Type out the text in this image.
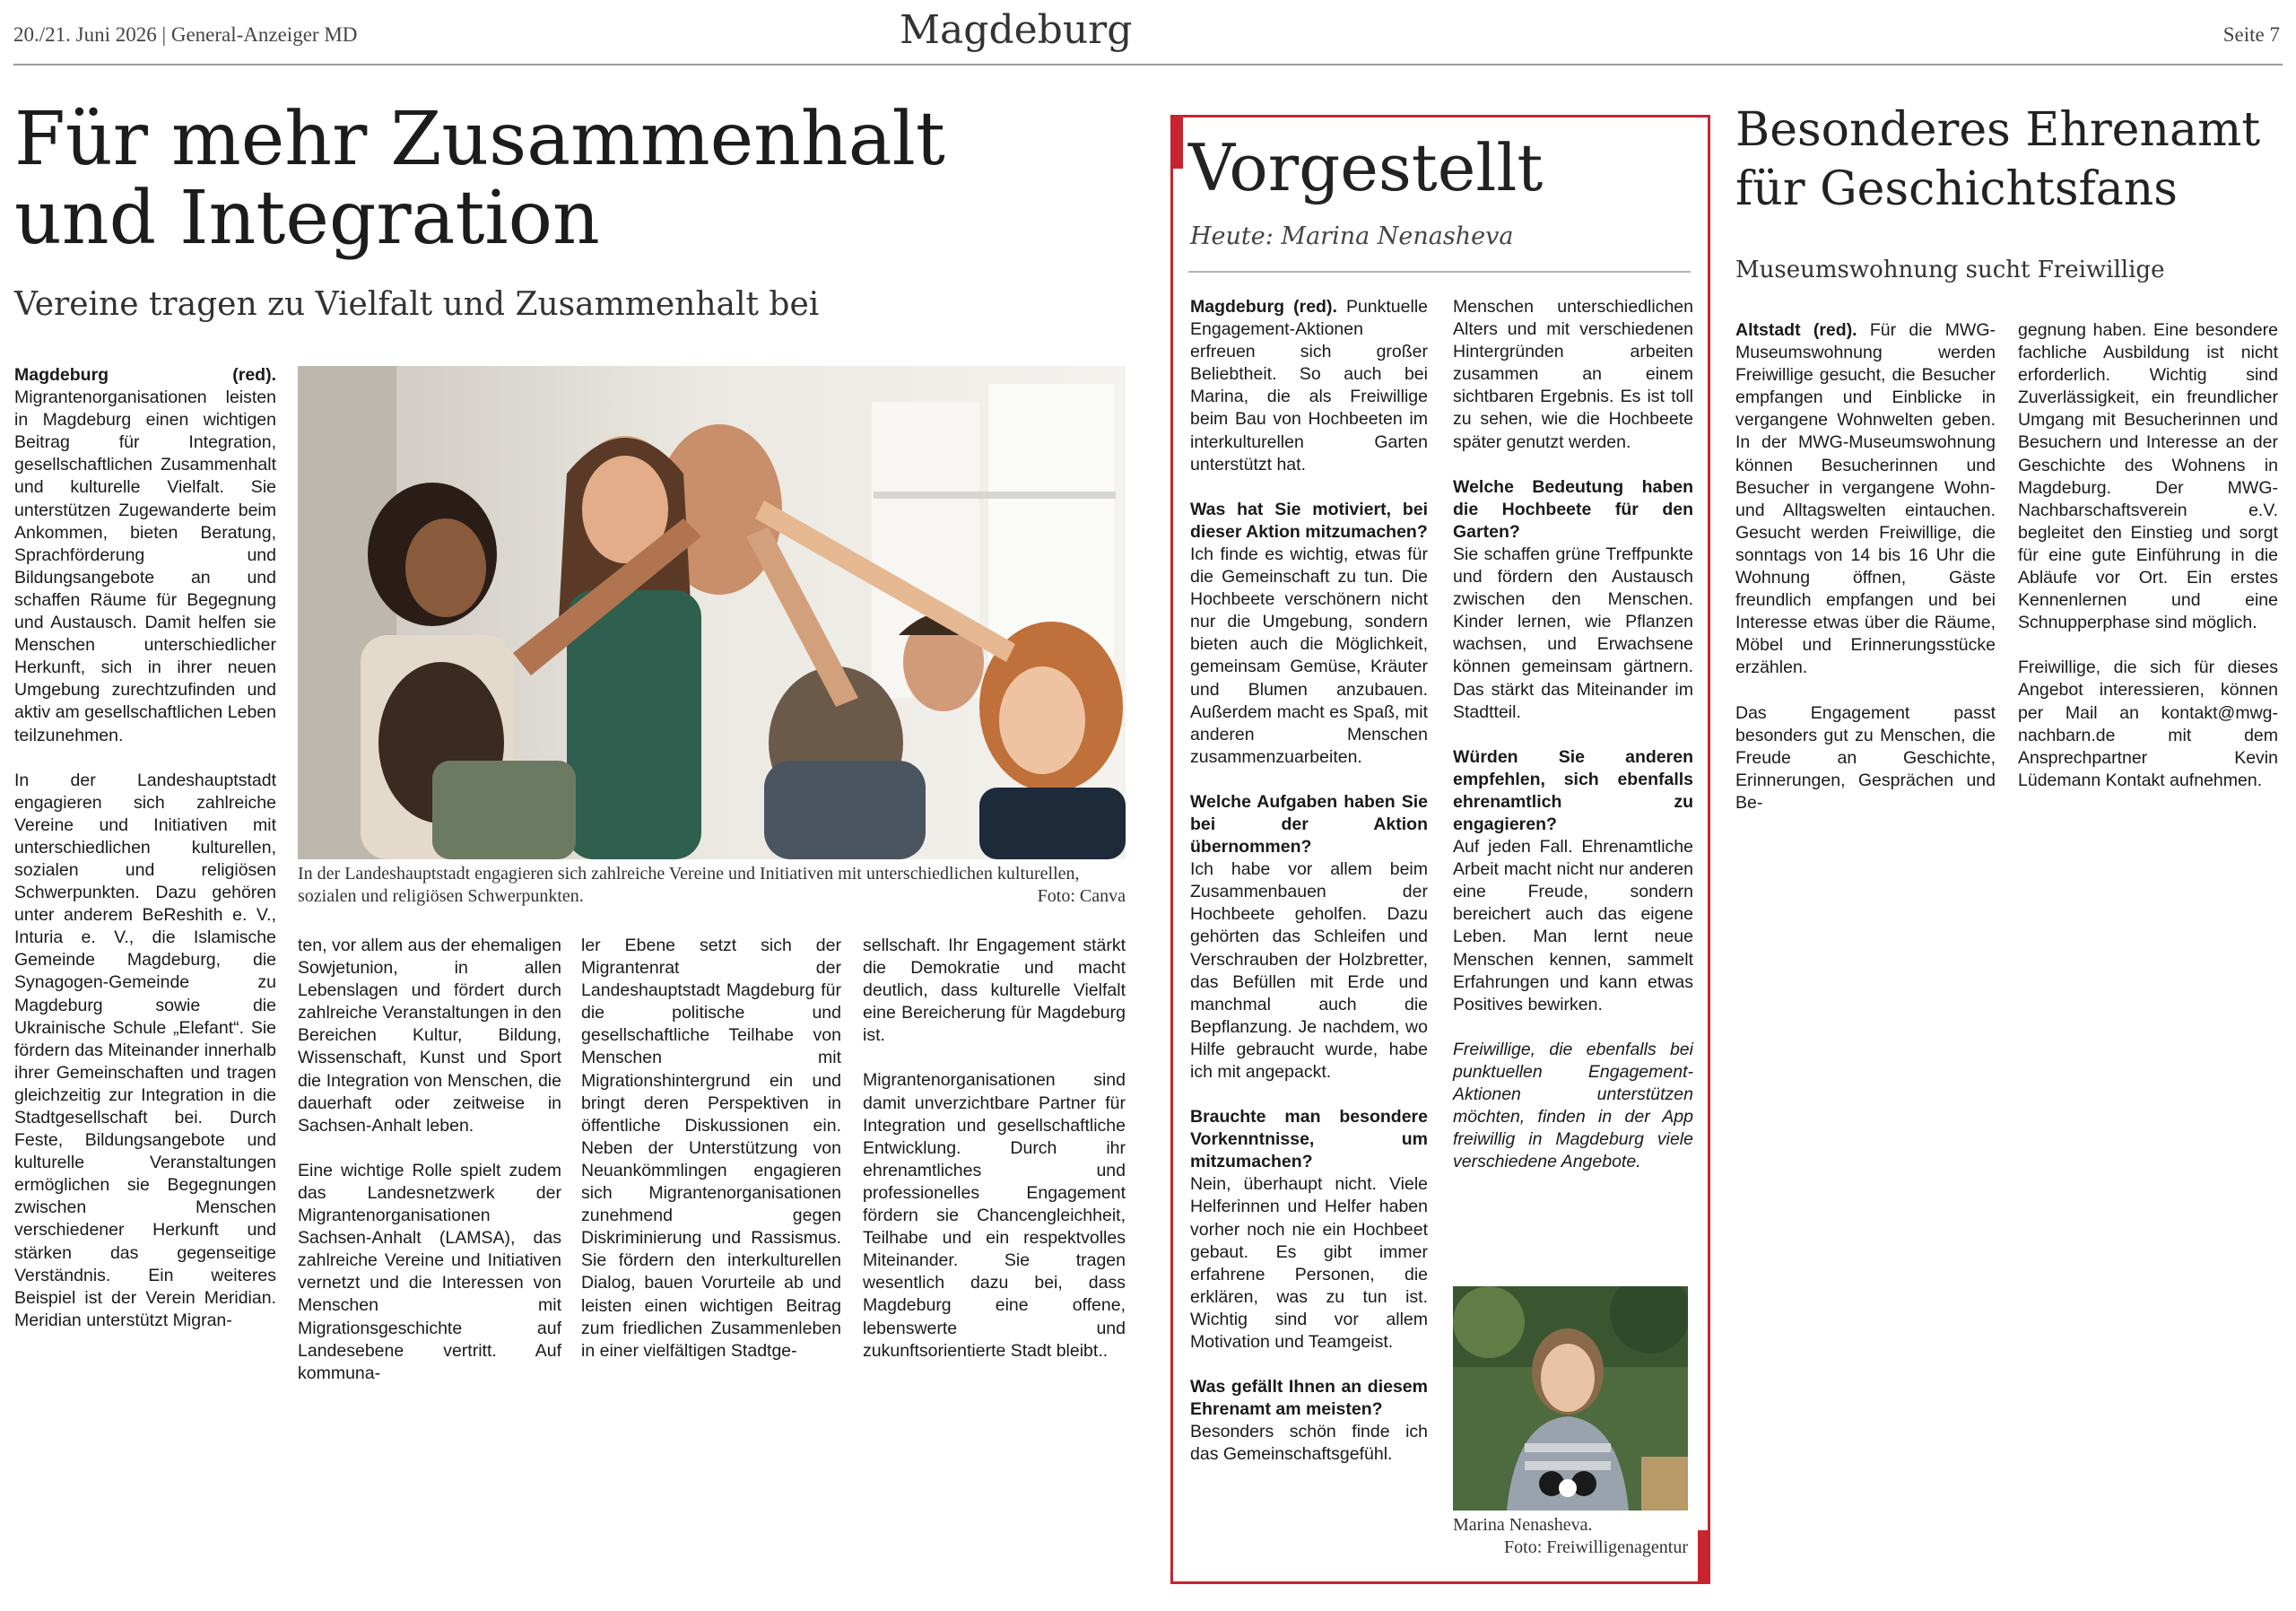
20./21. Juni 2026 | General-Anzeiger MD	Magdeburg	Seite 7
Für mehr Zusammenhalt
und Integration
Vereine tragen zu Vielfalt und Zusammenhalt bei

Magdeburg (red). Migrantenorganisationen leisten in Magdeburg einen wichtigen Beitrag für Integration, gesellschaftlichen Zusammenhalt und kulturelle Vielfalt. Sie unterstützen Zugewanderte beim Ankommen, bieten Beratung, Sprachförderung und Bildungsangebote an und schaffen Räume für Begegnung und Austausch. Damit helfen sie Menschen unterschiedlicher Herkunft, sich in ihrer neuen Umgebung zurechtzufinden und aktiv am gesellschaftlichen Leben teilzunehmen.

In der Landeshauptstadt engagieren sich zahlreiche Vereine und Initiativen mit unterschiedlichen kulturellen, sozialen und religiösen Schwerpunkten. Dazu gehören unter anderem BeReshith e. V., Inturia e. V., die Islamische Gemeinde Magdeburg, die Synagogen-Gemeinde zu Magdeburg sowie die Ukrainische Schule „Elefant“. Sie fördern das Miteinander innerhalb ihrer Gemeinschaften und tragen gleichzeitig zur Integration in die Stadtgesellschaft bei. Durch Feste, Bildungsangebote und kulturelle Veranstaltungen ermöglichen sie Begegnungen zwischen Menschen verschiedener Herkunft und stärken das gegenseitige Verständnis. Ein weiteres Beispiel ist der Verein Meridian. Meridian unterstützt Migran-

In der Landeshauptstadt engagieren sich zahlreiche Vereine und Initiativen mit unterschiedlichen kulturellen, sozialen und religiösen Schwerpunkten.	Foto: Canva

ten, vor allem aus der ehemaligen Sowjetunion, in allen Lebenslagen und fördert durch zahlreiche Veranstaltungen in den Bereichen Kultur, Bildung, Wissenschaft, Kunst und Sport die Integration von Menschen, die dauerhaft oder zeitweise in Sachsen-Anhalt leben.

Eine wichtige Rolle spielt zudem das Landesnetzwerk der Migrantenorganisationen Sachsen-Anhalt (LAMSA), das zahlreiche Vereine und Initiativen vernetzt und die Interessen von Menschen mit Migrationsgeschichte auf Landesebene vertritt. Auf kommuna-

ler Ebene setzt sich der Migrantenrat der Landeshauptstadt Magdeburg für die politische und gesellschaftliche Teilhabe von Menschen mit Migrationshintergrund ein und bringt deren Perspektiven in öffentliche Diskussionen ein. Neben der Unterstützung von Neuankömmlingen engagieren sich Migrantenorganisationen zunehmend gegen Diskriminierung und Rassismus. Sie fördern den interkulturellen Dialog, bauen Vorurteile ab und leisten einen wichtigen Beitrag zum friedlichen Zusammenleben in einer vielfältigen Stadtge-

sellschaft. Ihr Engagement stärkt die Demokratie und macht deutlich, dass kulturelle Vielfalt eine Bereicherung für Magdeburg ist.

Migrantenorganisationen sind damit unverzichtbare Partner für Integration und gesellschaftliche Entwicklung. Durch ihr ehrenamtliches und professionelles Engagement fördern sie Chancengleichheit, Teilhabe und ein respektvolles Miteinander. Sie tragen wesentlich dazu bei, dass Magdeburg eine offene, lebenswerte und zukunftsorientierte Stadt bleibt..

Vorgestellt
Heute: Marina Nenasheva

Magdeburg (red). Punktuelle Engagement-Aktionen erfreuen sich großer Beliebtheit. So auch bei Marina, die als Freiwillige beim Bau von Hochbeeten im interkulturellen Garten unterstützt hat.

Was hat Sie motiviert, bei dieser Aktion mitzumachen?
Ich finde es wichtig, etwas für die Gemeinschaft zu tun. Die Hochbeete verschönern nicht nur die Umgebung, sondern bieten auch die Möglichkeit, gemeinsam Gemüse, Kräuter und Blumen anzubauen. Außerdem macht es Spaß, mit anderen Menschen zusammenzuarbeiten.

Welche Aufgaben haben Sie bei der Aktion übernommen?
Ich habe vor allem beim Zusammenbauen der Hochbeete geholfen. Dazu gehörten das Schleifen und Verschrauben der Holzbretter, das Befüllen mit Erde und manchmal auch die Bepflanzung. Je nachdem, wo Hilfe gebraucht wurde, habe ich mit angepackt.

Brauchte man besondere Vorkenntnisse, um mitzumachen?
Nein, überhaupt nicht. Viele Helferinnen und Helfer haben vorher noch nie ein Hochbeet gebaut. Es gibt immer erfahrene Personen, die erklären, was zu tun ist. Wichtig sind vor allem Motivation und Teamgeist.

Was gefällt Ihnen an diesem Ehrenamt am meisten?
Besonders schön finde ich das Gemeinschaftsgefühl.

Menschen unterschiedlichen Alters und mit verschiedenen Hintergründen arbeiten zusammen an einem sichtbaren Ergebnis. Es ist toll zu sehen, wie die Hochbeete später genutzt werden.

Welche Bedeutung haben die Hochbeete für den Garten?
Sie schaffen grüne Treffpunkte und fördern den Austausch zwischen den Menschen. Kinder lernen, wie Pflanzen wachsen, und Erwachsene können gemeinsam gärtnern. Das stärkt das Miteinander im Stadtteil.

Würden Sie anderen empfehlen, sich ebenfalls ehrenamtlich zu engagieren?
Auf jeden Fall. Ehrenamtliche Arbeit macht nicht nur anderen eine Freude, sondern bereichert auch das eigene Leben. Man lernt neue Menschen kennen, sammelt Erfahrungen und kann etwas Positives bewirken.

Freiwillige, die ebenfalls bei punktuellen Engagement-Aktionen unterstützen möchten, finden in der App freiwillig in Magdeburg viele verschiedene Angebote.

Marina Nenasheva.
Foto: Freiwilligenagentur
Besonderes Ehrenamt
für Geschichtsfans
Museumswohnung sucht Freiwillige

Altstadt (red). Für die MWG-Museumswohnung werden Freiwillige gesucht, die Besucher empfangen und Einblicke in vergangene Wohnwelten geben. In der MWG-Museumswohnung können Besucherinnen und Besucher in vergangene Wohn- und Alltagswelten eintauchen. Gesucht werden Freiwillige, die sonntags von 14 bis 16 Uhr die Wohnung öffnen, Gäste freundlich empfangen und bei Interesse etwas über die Räume, Möbel und Erinnerungsstücke erzählen.

Das Engagement passt besonders gut zu Menschen, die Freude an Geschichte, Erinnerungen, Gesprächen und Be-

gegnung haben. Eine besondere fachliche Ausbildung ist nicht erforderlich. Wichtig sind Zuverlässigkeit, ein freundlicher Umgang mit Besucherinnen und Besuchern und Interesse an der Geschichte des Wohnens in Magdeburg. Der MWG-Nachbarschaftsverein e.V. begleitet den Einstieg und sorgt für eine gute Einführung in die Abläufe vor Ort. Ein erstes Kennenlernen und eine Schnupperphase sind möglich.

Freiwillige, die sich für dieses Angebot interessieren, können per Mail an kontakt@mwg-nachbarn.de mit dem Ansprechpartner Kevin Lüdemann Kontakt aufnehmen.
